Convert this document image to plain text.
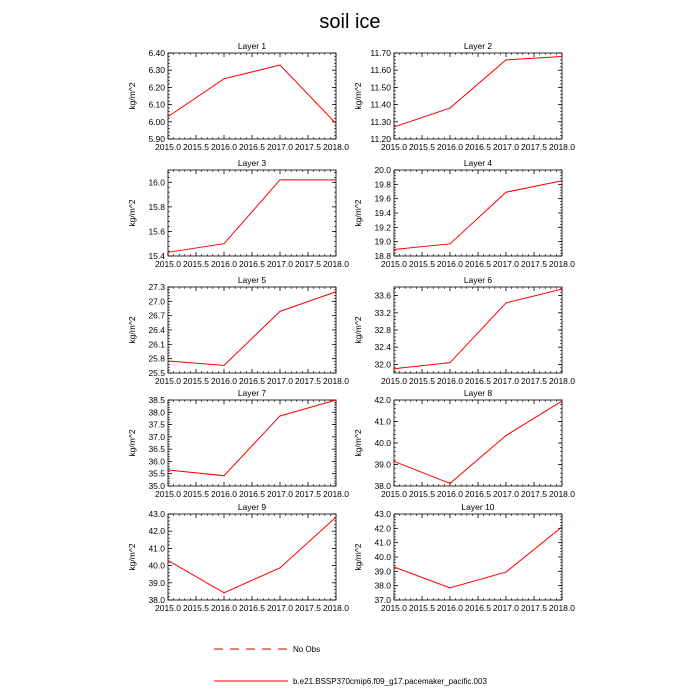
soil ice
Layer 1
2015.0 2015.5 2016.0 2016.5 2017.0 2017.5 2018.0
5.90
6.00
6.10
6.20
6.30
6.40
kg/m^2
Layer 2
2015.0 2015.5 2016.0 2016.5 2017.0 2017.5 2018.0
11.20
11.30
11.40
11.50
11.60
11.70
kg/m^2
Layer 3
2015.0 2015.5 2016.0 2016.5 2017.0 2017.5 2018.0
15.4
15.6
15.8
16.0
kg/m^2
Layer 4
2015.0 2015.5 2016.0 2016.5 2017.0 2017.5 2018.0
18.8
19.0
19.2
19.4
19.6
19.8
20.0
kg/m^2
Layer 5
2015.0 2015.5 2016.0 2016.5 2017.0 2017.5 2018.0
25.5
25.8
26.1
26.4
26.7
27.0
27.3
kg/m^2
Layer 6
2015.0 2015.5 2016.0 2016.5 2017.0 2017.5 2018.0
32.0
32.4
32.8
33.2
33.6
kg/m^2
Layer 7
2015.0 2015.5 2016.0 2016.5 2017.0 2017.5 2018.0
35.0
35.5
36.0
36.5
37.0
37.5
38.0
38.5
kg/m^2
Layer 8
2015.0 2015.5 2016.0 2016.5 2017.0 2017.5 2018.0
38.0
39.0
40.0
41.0
42.0
kg/m^2
Layer 9
2015.0 2015.5 2016.0 2016.5 2017.0 2017.5 2018.0
38.0
39.0
40.0
41.0
42.0
43.0
kg/m^2
Layer 10
2015.0 2015.5 2016.0 2016.5 2017.0 2017.5 2018.0
37.0
38.0
39.0
40.0
41.0
42.0
43.0
kg/m^2
No Obs
b.e21.BSSP370cmip6.f09_g17.pacemaker_pacific.003
